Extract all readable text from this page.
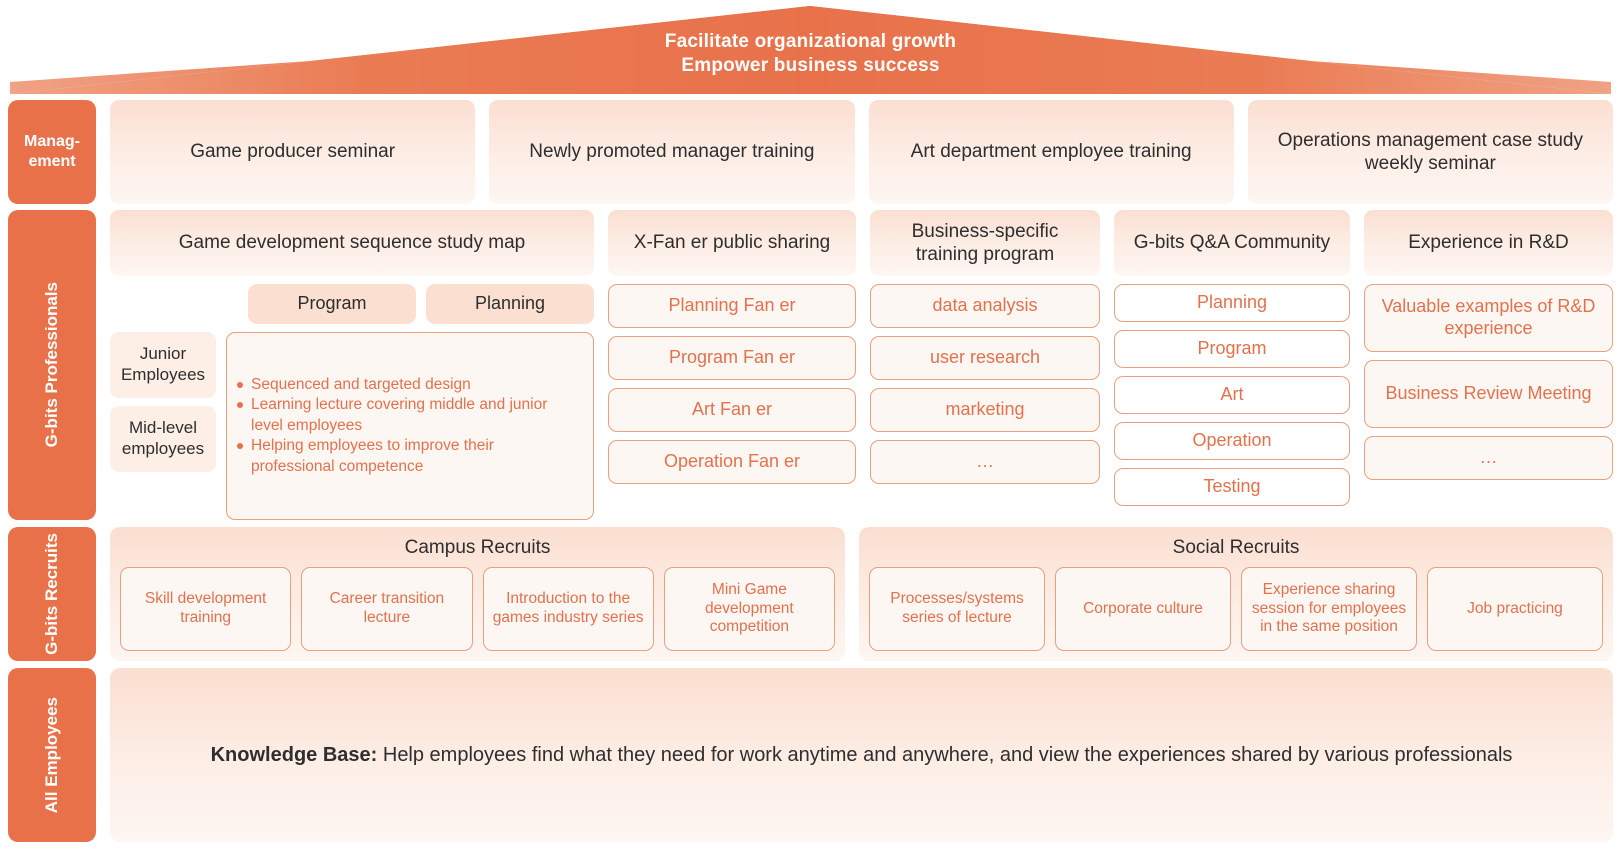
Facilitate organizational growth
Empower business success
Manag-
ement	Game producer seminar	Newly promoted manager training	Art department employee training
Operations management case study weekly seminar
G-bits Professionals
Game development sequence study map
Program	Planning
Junior Employees
Mid-level employees
Sequenced and targeted design
Learning lecture covering middle and junior level employees
Helping employees to improve their professional competence
X-Fan er public sharing
Planning Fan er
Program Fan er
Art Fan er
Operation Fan er
Business-specific training program
data analysis
user research
marketing
…
G-bits Q&A Community
Planning
Program
Art
Operation
Testing
Experience in R&D
Valuable examples of R&D experience
Business Review Meeting
…
G-bits Recruits	Campus Recruits
Skill development training
Career transition lecture
Introduction to the games industry series
Mini Game development competition
Social Recruits
Processes/systems series of lecture
Corporate culture
Experience sharing session for employees in the same position
Job practicing
All Employees	Knowledge Base: Help employees find what they need for work anytime and anywhere, and view the experiences shared by various professionals
